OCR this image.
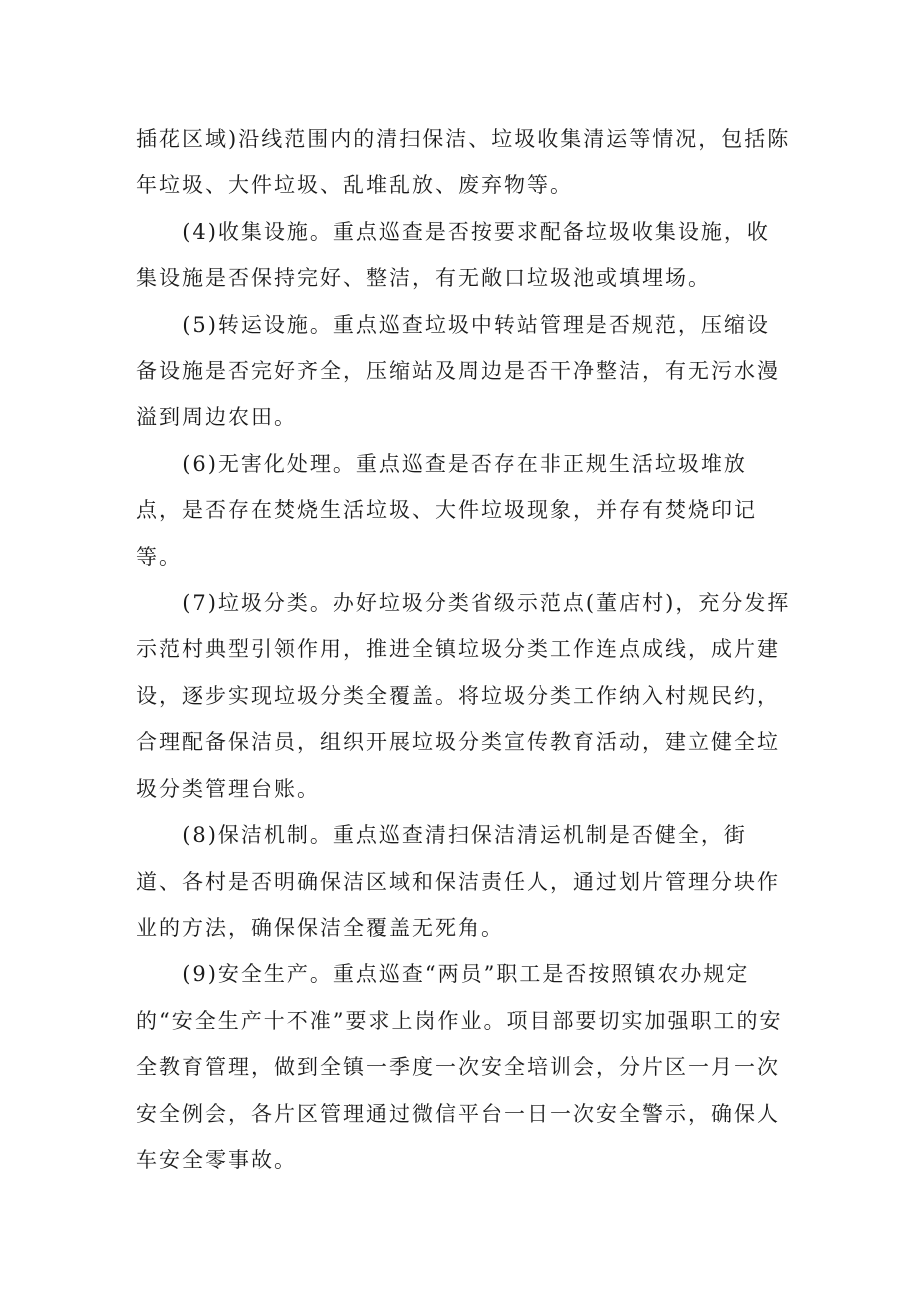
插花区域)沿线范围内的清扫保洁、垃圾收集清运等情况，包括陈年垃圾、大件垃圾、乱堆乱放、废弃物等。

(4)收集设施。重点巡查是否按要求配备垃圾收集设施，收集设施是否保持完好、整洁，有无敞口垃圾池或填埋场。

(5)转运设施。重点巡查垃圾中转站管理是否规范，压缩设备设施是否完好齐全，压缩站及周边是否干净整洁，有无污水漫溢到周边农田。

(6)无害化处理。重点巡查是否存在非正规生活垃圾堆放点，是否存在焚烧生活垃圾、大件垃圾现象，并存有焚烧印记等。

(7)垃圾分类。办好垃圾分类省级示范点(董店村)，充分发挥示范村典型引领作用，推进全镇垃圾分类工作连点成线，成片建设，逐步实现垃圾分类全覆盖。将垃圾分类工作纳入村规民约，合理配备保洁员，组织开展垃圾分类宣传教育活动，建立健全垃圾分类管理台账。

(8)保洁机制。重点巡查清扫保洁清运机制是否健全，街道、各村是否明确保洁区域和保洁责任人，通过划片管理分块作业的方法，确保保洁全覆盖无死角。

(9)安全生产。重点巡查“两员”职工是否按照镇农办规定的“安全生产十不准”要求上岗作业。项目部要切实加强职工的安全教育管理，做到全镇一季度一次安全培训会，分片区一月一次安全例会，各片区管理通过微信平台一日一次安全警示，确保人车安全零事故。
